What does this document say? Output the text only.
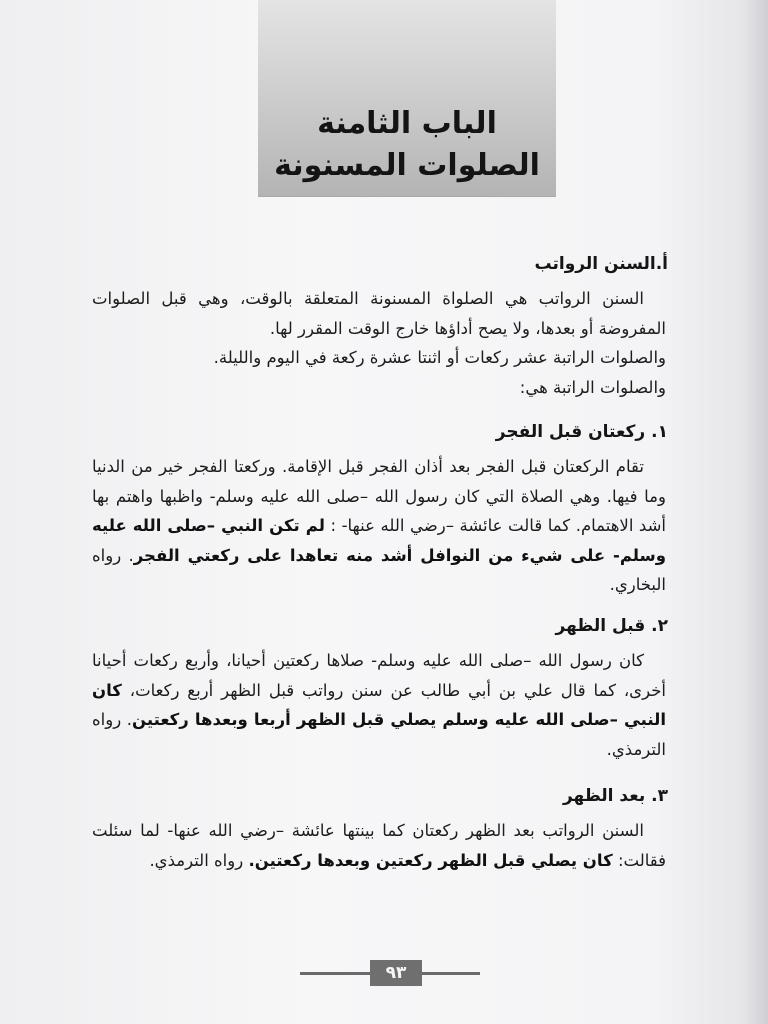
الباب الثامنة
الصلوات المسنونة
أ.السنن الرواتب
السنن الرواتب هي الصلواة المسنونة المتعلقة بالوقت، وهي قبل الصلوات المفروضة أو بعدها، ولا يصح أداؤها خارج الوقت المقرر لها.
والصلوات الراتبة عشر ركعات أو اثنتا عشرة ركعة في اليوم والليلة.
والصلوات الراتبة هي:
١. ركعتان قبل الفجر
تقام الركعتان قبل الفجر بعد أذان الفجر قبل الإقامة. وركعتا الفجر خير من الدنيا وما فيها. وهي الصلاة التي كان رسول الله –صلى الله عليه وسلم- واظبها واهتم بها أشد الاهتمام. كما قالت عائشة –رضي الله عنها- : لم تكن النبي –صلى الله عليه وسلم- على شيء من النوافل أشد منه تعاهدا على ركعتي الفجر. رواه البخاري.
٢. قبل الظهر
كان رسول الله –صلى الله عليه وسلم- صلاها ركعتين أحيانا، وأربع ركعات أحيانا أخرى، كما قال علي بن أبي طالب عن سنن رواتب قبل الظهر أربع ركعات، كان النبي –صلى الله عليه وسلم يصلي قبل الظهر أربعا وبعدها ركعتين. رواه الترمذي.
٣. بعد الظهر
السنن الرواتب بعد الظهر ركعتان كما بينتها عائشة –رضي الله عنها- لما سئلت فقالت: كان يصلي قبل الظهر ركعتين وبعدها ركعتين. رواه الترمذي.
٩٣
